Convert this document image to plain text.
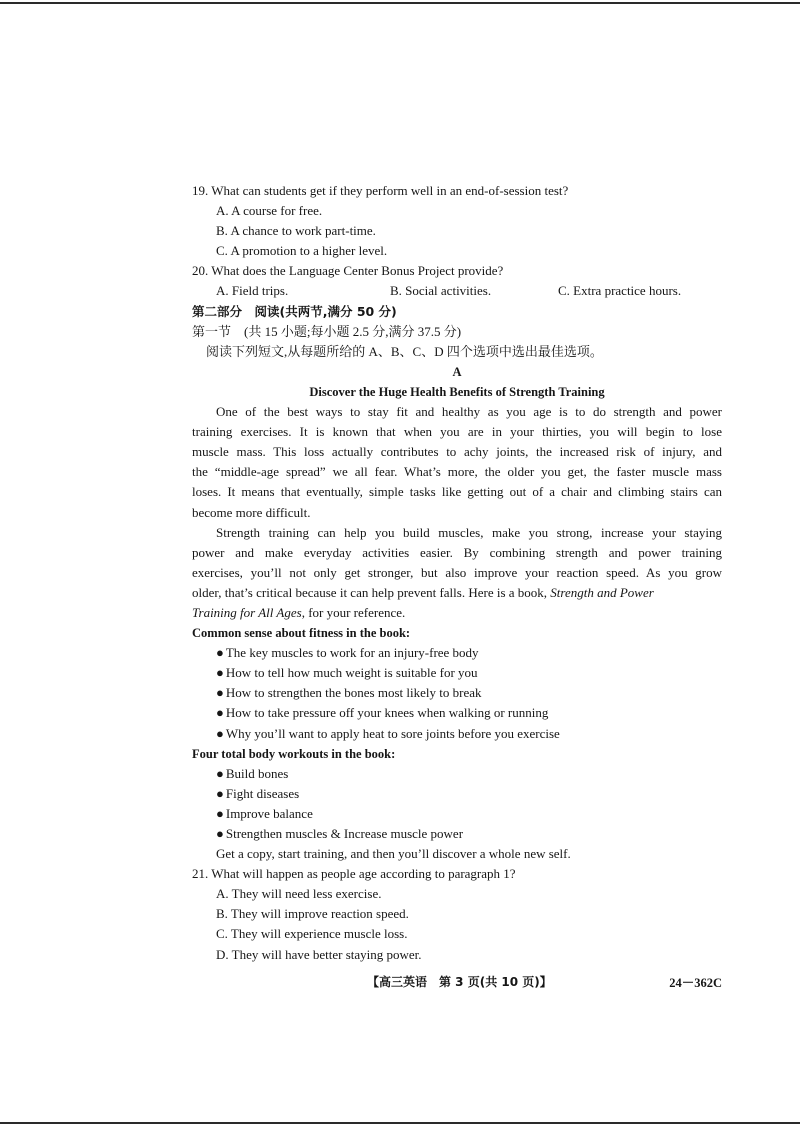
19. What can students get if they perform well in an end-of-session test?
A. A course for free.
B. A chance to work part-time.
C. A promotion to a higher level.
20. What does the Language Center Bonus Project provide?
A. Field trips.	B. Social activities.	C. Extra practice hours.
第二部分　阅读(共两节,满分 50 分)
第一节　(共 15 小题;每小题 2.5 分,满分 37.5 分)
阅读下列短文,从每题所给的 A、B、C、D 四个选项中选出最佳选项。
A
Discover the Huge Health Benefits of Strength Training
One of the best ways to stay fit and healthy as you age is to do strength and power
training exercises. It is known that when you are in your thirties, you will begin to lose
muscle mass. This loss actually contributes to achy joints, the increased risk of injury, and
the “middle-age spread” we all fear. What’s more, the older you get, the faster muscle mass
loses. It means that eventually, simple tasks like getting out of a chair and climbing stairs can
become more difficult.
Strength training can help you build muscles, make you strong, increase your staying
power and make everyday activities easier. By combining strength and power training
exercises, you’ll not only get stronger, but also improve your reaction speed. As you grow
older, that’s critical because it can help prevent falls. Here is a book, Strength and Power
Training for All Ages, for your reference.
Common sense about fitness in the book:
● The key muscles to work for an injury-free body
● How to tell how much weight is suitable for you
● How to strengthen the bones most likely to break
● How to take pressure off your knees when walking or running
● Why you’ll want to apply heat to sore joints before you exercise
Four total body workouts in the book:
● Build bones
● Fight diseases
● Improve balance
● Strengthen muscles & Increase muscle power
Get a copy, start training, and then you’ll discover a whole new self.
21. What will happen as people age according to paragraph 1?
A. They will need less exercise.
B. They will improve reaction speed.
C. They will experience muscle loss.
D. They will have better staying power.
【高三英语　第 3 页(共 10 页)】	24－362C
